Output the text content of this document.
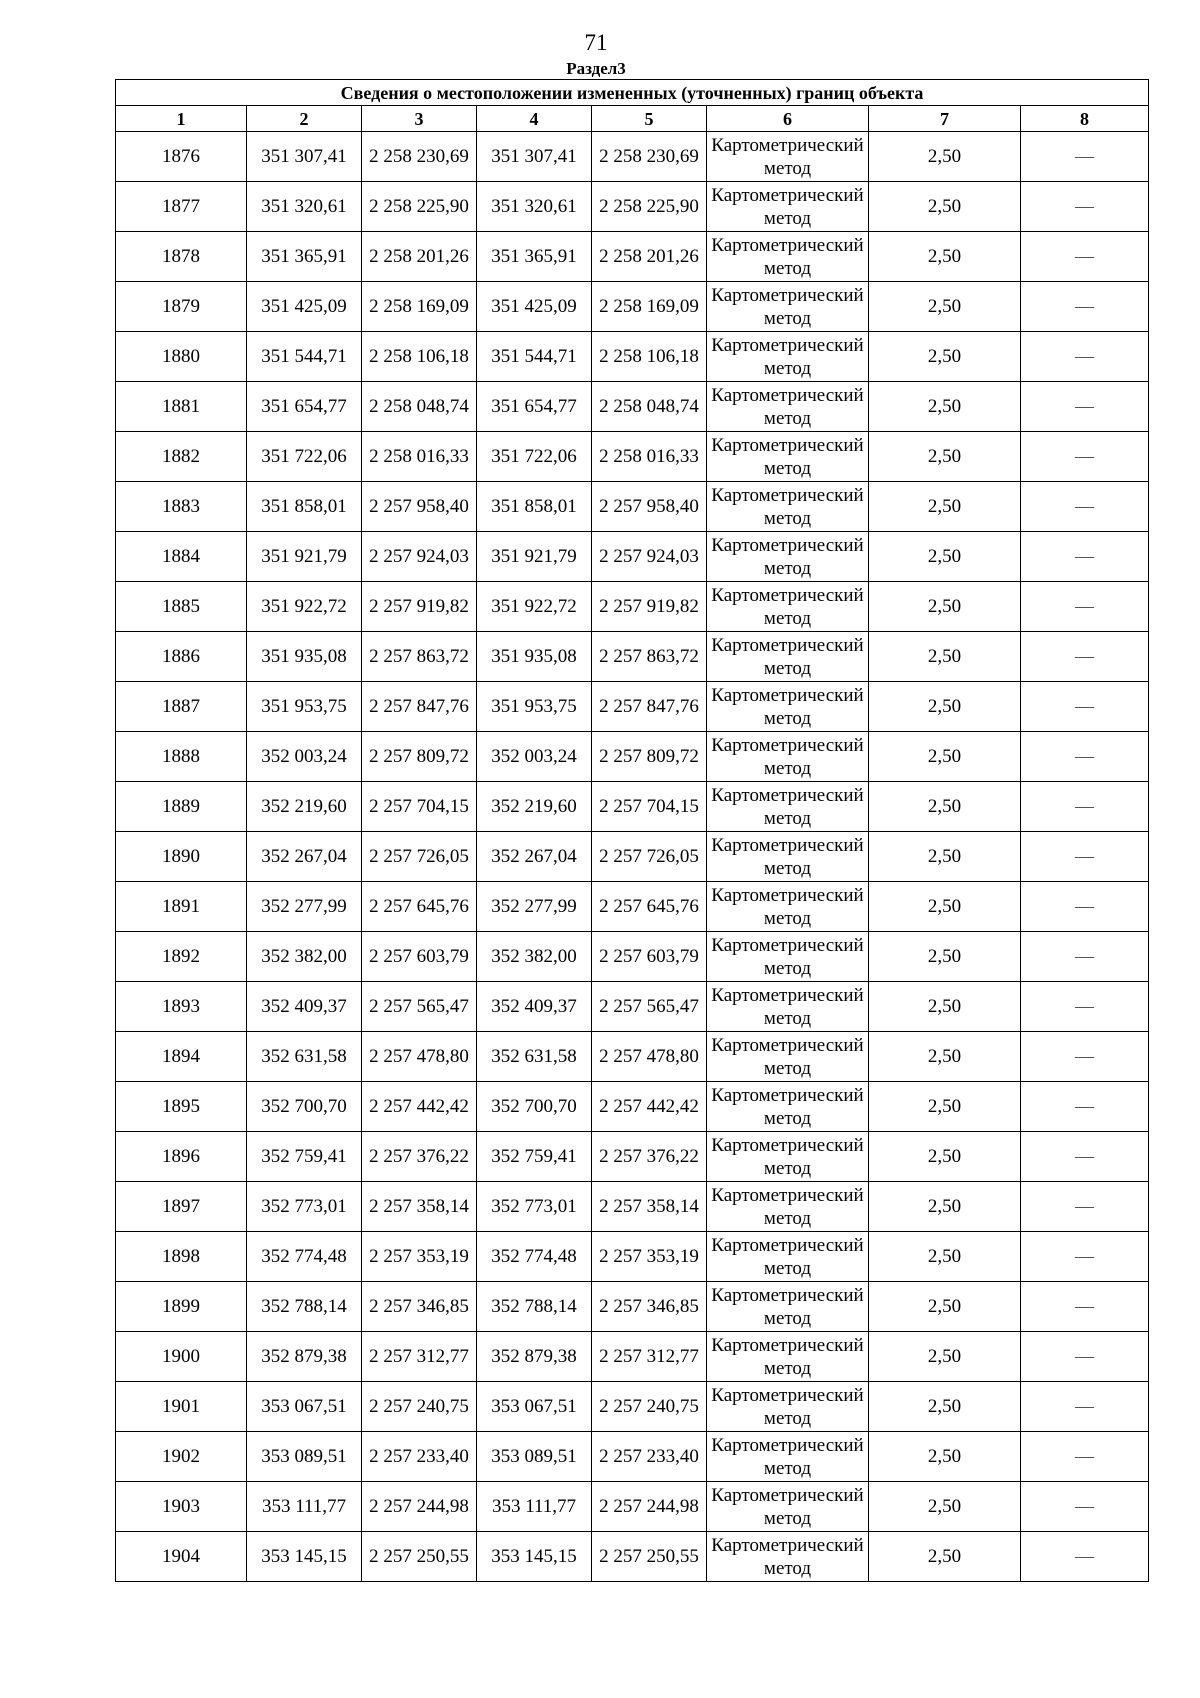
71
Раздел3
Сведения о местоположении измененных (уточненных) границ объекта							
1	2	3	4	5	6	7	8
1876	351 307,41	2 258 230,69	351 307,41	2 258 230,69	Картометрический метод	2,50	—
1877	351 320,61	2 258 225,90	351 320,61	2 258 225,90	Картометрический метод	2,50	—
1878	351 365,91	2 258 201,26	351 365,91	2 258 201,26	Картометрический метод	2,50	—
1879	351 425,09	2 258 169,09	351 425,09	2 258 169,09	Картометрический метод	2,50	—
1880	351 544,71	2 258 106,18	351 544,71	2 258 106,18	Картометрический метод	2,50	—
1881	351 654,77	2 258 048,74	351 654,77	2 258 048,74	Картометрический метод	2,50	—
1882	351 722,06	2 258 016,33	351 722,06	2 258 016,33	Картометрический метод	2,50	—
1883	351 858,01	2 257 958,40	351 858,01	2 257 958,40	Картометрический метод	2,50	—
1884	351 921,79	2 257 924,03	351 921,79	2 257 924,03	Картометрический метод	2,50	—
1885	351 922,72	2 257 919,82	351 922,72	2 257 919,82	Картометрический метод	2,50	—
1886	351 935,08	2 257 863,72	351 935,08	2 257 863,72	Картометрический метод	2,50	—
1887	351 953,75	2 257 847,76	351 953,75	2 257 847,76	Картометрический метод	2,50	—
1888	352 003,24	2 257 809,72	352 003,24	2 257 809,72	Картометрический метод	2,50	—
1889	352 219,60	2 257 704,15	352 219,60	2 257 704,15	Картометрический метод	2,50	—
1890	352 267,04	2 257 726,05	352 267,04	2 257 726,05	Картометрический метод	2,50	—
1891	352 277,99	2 257 645,76	352 277,99	2 257 645,76	Картометрический метод	2,50	—
1892	352 382,00	2 257 603,79	352 382,00	2 257 603,79	Картометрический метод	2,50	—
1893	352 409,37	2 257 565,47	352 409,37	2 257 565,47	Картометрический метод	2,50	—
1894	352 631,58	2 257 478,80	352 631,58	2 257 478,80	Картометрический метод	2,50	—
1895	352 700,70	2 257 442,42	352 700,70	2 257 442,42	Картометрический метод	2,50	—
1896	352 759,41	2 257 376,22	352 759,41	2 257 376,22	Картометрический метод	2,50	—
1897	352 773,01	2 257 358,14	352 773,01	2 257 358,14	Картометрический метод	2,50	—
1898	352 774,48	2 257 353,19	352 774,48	2 257 353,19	Картометрический метод	2,50	—
1899	352 788,14	2 257 346,85	352 788,14	2 257 346,85	Картометрический метод	2,50	—
1900	352 879,38	2 257 312,77	352 879,38	2 257 312,77	Картометрический метод	2,50	—
1901	353 067,51	2 257 240,75	353 067,51	2 257 240,75	Картометрический метод	2,50	—
1902	353 089,51	2 257 233,40	353 089,51	2 257 233,40	Картометрический метод	2,50	—
1903	353 111,77	2 257 244,98	353 111,77	2 257 244,98	Картометрический метод	2,50	—
1904	353 145,15	2 257 250,55	353 145,15	2 257 250,55	Картометрический метод	2,50	—
